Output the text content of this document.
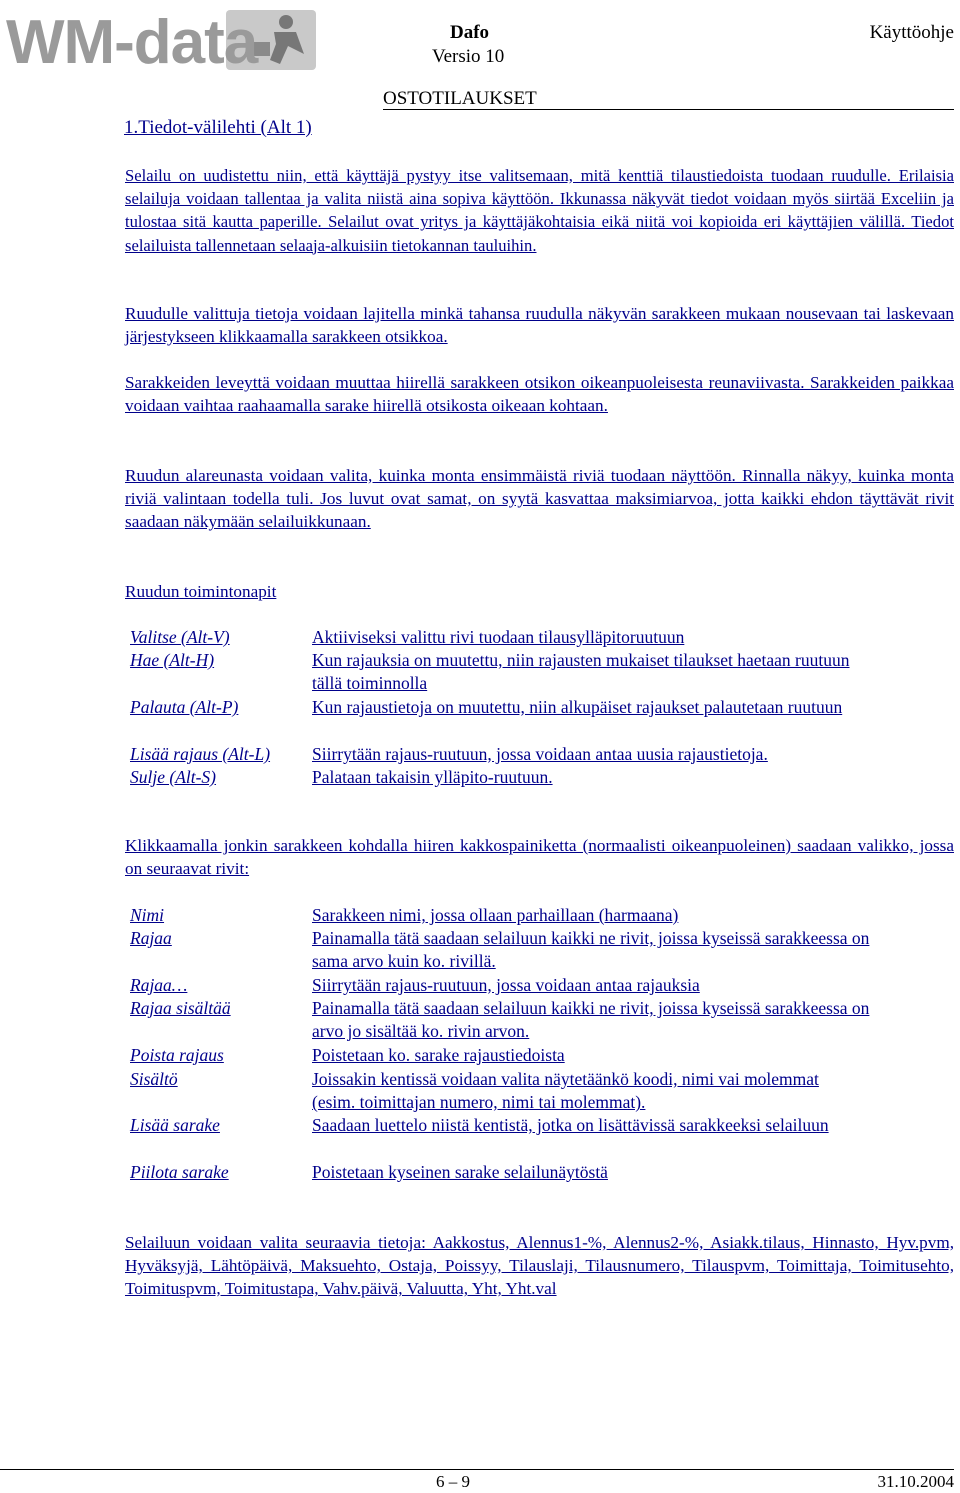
WM-data	Dafo
Versio 10
Käyttöohje
OSTOTILAUKSET
1.Tiedot-välilehti (Alt 1)
Selailu on uudistettu niin, että käyttäjä pystyy itse valitsemaan, mitä kenttiä tilaustiedoista tuodaan ruudulle. Erilaisia selailuja voidaan tallentaa ja valita niistä aina sopiva käyttöön. Ikkunassa näkyvät tiedot voidaan myös siirtää Exceliin ja tulostaa sitä kautta paperille. Selailut ovat yritys ja käyttäjäkohtaisia eikä niitä voi kopioida eri käyttäjien välillä. Tiedot selailuista tallennetaan selaaja-alkuisiin tietokannan tauluihin.
Ruudulle valittuja tietoja voidaan lajitella minkä tahansa ruudulla näkyvän sarakkeen mukaan nousevaan tai laskevaan järjestykseen klikkaamalla sarakkeen otsikkoa.
Sarakkeiden leveyttä voidaan muuttaa hiirellä sarakkeen otsikon oikeanpuoleisesta reunaviivasta. Sarakkeiden paikkaa voidaan vaihtaa raahaamalla sarake hiirellä otsikosta oikeaan kohtaan.
Ruudun alareunasta voidaan valita, kuinka monta ensimmäistä riviä tuodaan näyttöön. Rinnalla näkyy, kuinka monta riviä valintaan todella tuli. Jos luvut ovat samat, on syytä kasvattaa maksimiarvoa, jotta kaikki ehdon täyttävät rivit saadaan näkymään selailuikkunaan.
Ruudun toimintonapit
Valitse (Alt-V)	Aktiiviseksi valittu rivi tuodaan tilausylläpitoruutuun
Hae (Alt-H)	Kun rajauksia on muutettu, niin rajausten mukaiset tilaukset haetaan ruutuun tällä toiminnolla
Palauta (Alt-P)	Kun rajaustietoja on muutettu, niin alkupäiset rajaukset palautetaan ruutuun
Lisää rajaus (Alt-L) Siirrytään rajaus-ruutuun, jossa voidaan antaa uusia rajaustietoja.
Sulje (Alt-S)	Palataan takaisin ylläpito-ruutuun.
Klikkaamalla jonkin sarakkeen kohdalla hiiren kakkospainiketta (normaalisti oikeanpuoleinen) saadaan valikko, jossa on seuraavat rivit:
Nimi	Sarakkeen nimi, jossa ollaan parhaillaan (harmaana)
Rajaa	Painamalla tätä saadaan selailuun kaikki ne rivit, joissa kyseissä sarakkeessa on sama arvo kuin ko. rivillä.
Rajaa…	Siirrytään rajaus-ruutuun, jossa voidaan antaa rajauksia
Rajaa sisältää	Painamalla tätä saadaan selailuun kaikki ne rivit, joissa kyseissä sarakkeessa on arvo jo sisältää ko. rivin arvon.
Poista rajaus	Poistetaan ko. sarake rajaustiedoista
Sisältö	Joissakin kentissä voidaan valita näytetäänkö koodi, nimi vai molemmat (esim. toimittajan numero, nimi tai molemmat).
Lisää sarake	Saadaan luettelo niistä kentistä, jotka on lisättävissä sarakkeeksi selailuun
Piilota sarake	Poistetaan kyseinen sarake selailunäytöstä
Selailuun voidaan valita seuraavia tietoja: Aakkostus, Alennus1-%, Alennus2-%, Asiakk.tilaus, Hinnasto, Hyv.pvm, Hyväksyjä, Lähtöpäivä, Maksuehto, Ostaja, Poissyy, Tilauslaji, Tilausnumero, Tilauspvm, Toimittaja, Toimitusehto, Toimituspvm, Toimitustapa, Vahv.päivä, Valuutta, Yht, Yht.val
6 – 9	31.10.2004
